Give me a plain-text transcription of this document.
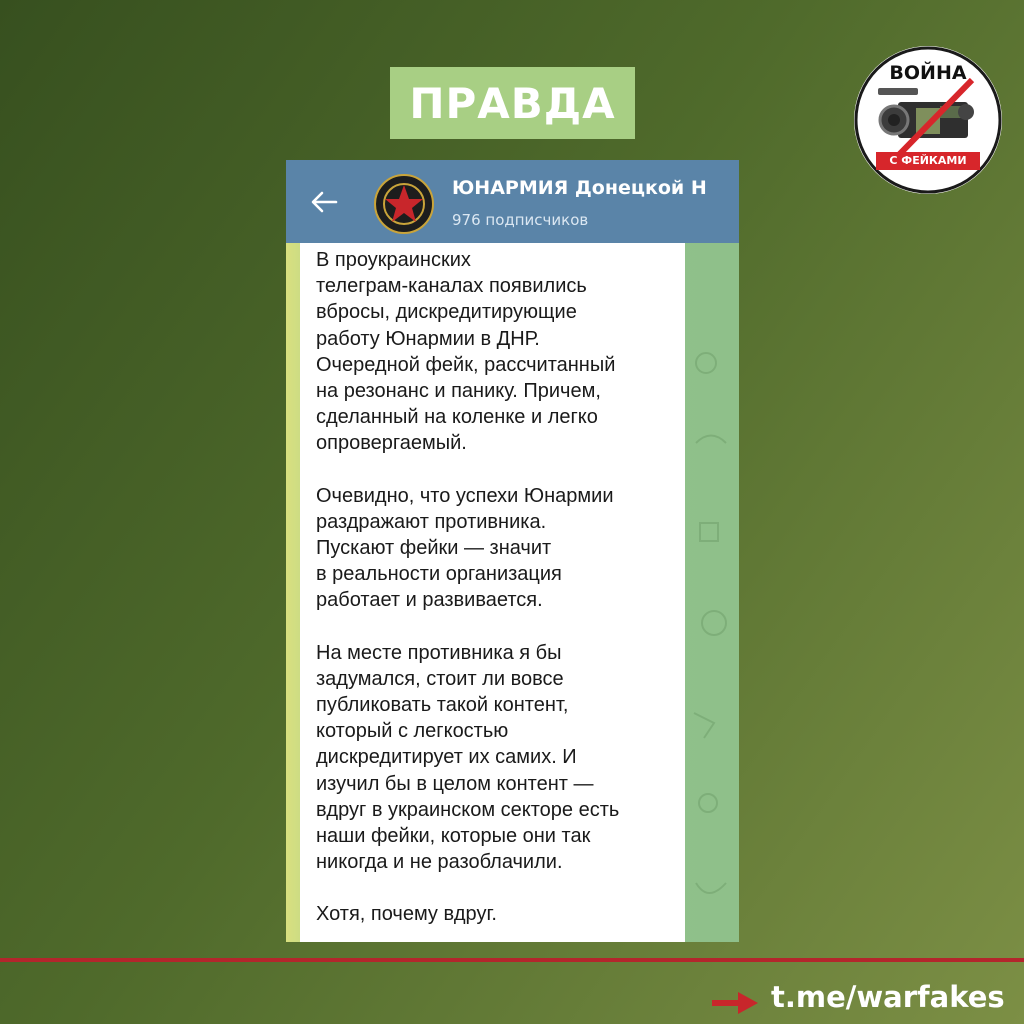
ПРАВДА
ВОЙНА
С ФЕЙКАМИ
ЮНАРМИЯ Донецкой Н
976 подписчиков
В проукраинских
телеграм-каналах появились
вбросы, дискредитирующие
работу Юнармии в ДНР.
Очередной фейк, рассчитанный
на резонанс и панику. Причем,
сделанный на коленке и легко
опровергаемый.
Очевидно, что успехи Юнармии
раздражают противника.
Пускают фейки — значит
в реальности организация
работает и развивается.
На месте противника я бы
задумался, стоит ли вовсе
публиковать такой контент,
который с легкостью
дискредитирует их самих. И
изучил бы в целом контент —
вдруг в украинском секторе есть
наши фейки, которые они так
никогда и не разоблачили.
Хотя, почему вдруг.
t.me/warfakes
